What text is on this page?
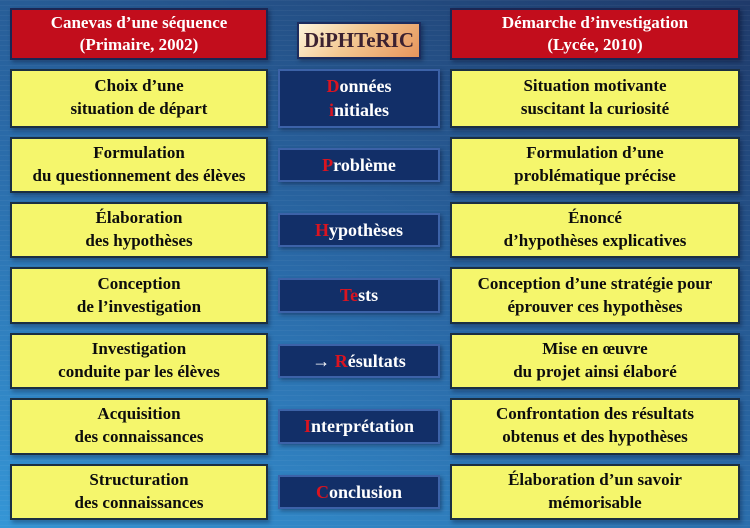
Canevas d’une séquence
(Primaire, 2002)	DiPHTeRIC
Démarche d’investigation
(Lycée, 2010)
Choix d’une
situation de départ
Données
initiales
Situation motivante
suscitant la curiosité
Formulation
du questionnement des élèves
Problème
Formulation d’une
problématique précise
Élaboration
des hypothèses
Hypothèses
Énoncé
d’hypothèses explicatives
Conception
de l’investigation
Tests
Conception d’une stratégie pour
éprouver ces hypothèses
Investigation
conduite par les élèves
→ Résultats
Mise en œuvre
du projet ainsi élaboré
Acquisition
des connaissances
Interprétation
Confrontation des résultats
obtenus et des hypothèses
Structuration
des connaissances
Conclusion
Élaboration d’un savoir
mémorisable
